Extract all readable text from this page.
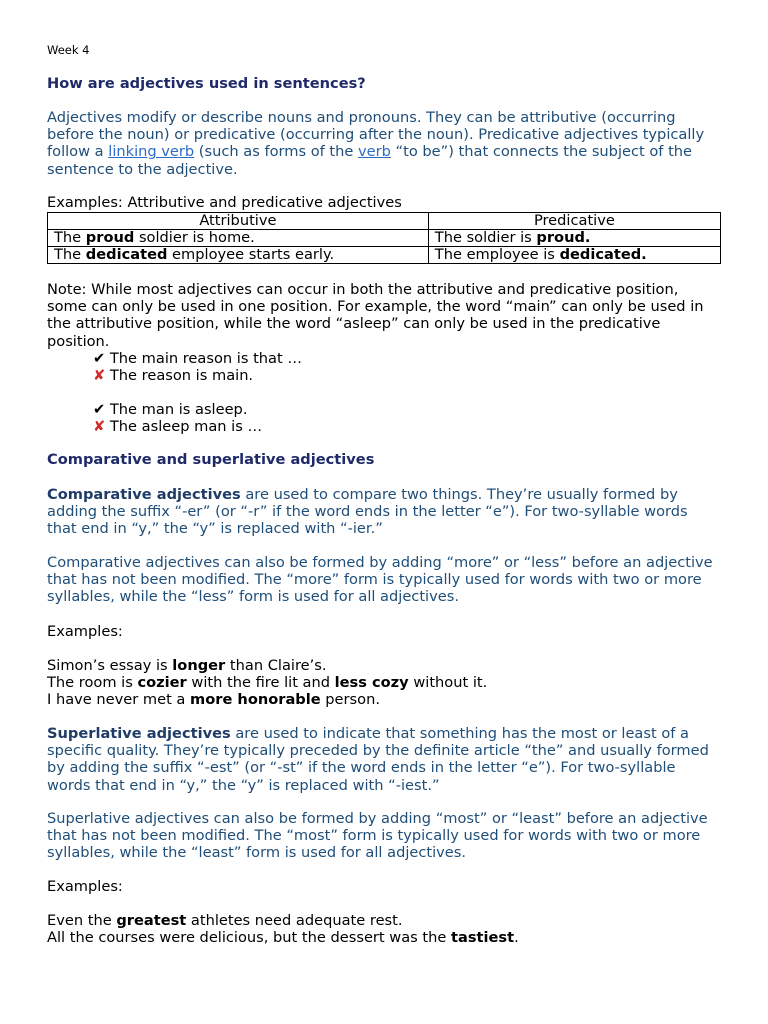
Week 4
How are adjectives used in sentences?

Adjectives modify or describe nouns and pronouns. They can be attributive (occurring before the noun) or predicative (occurring after the noun). Predicative adjectives typically follow a linking verb (such as forms of the verb “to be”) that connects the subject of the sentence to the adjective.

Examples: Attributive and predicative adjectives

Attributive	Predicative
The proud soldier is home.	The soldier is proud.
The dedicated employee starts early.	The employee is dedicated.

Note: While most adjectives can occur in both the attributive and predicative position, some can only be used in one position. For example, the word “main” can only be used in the attributive position, while the word “asleep” can only be used in the predicative position.

✔ The main reason is that …
✘ The reason is main.
✔ The man is asleep.
✘ The asleep man is …
Comparative and superlative adjectives

Comparative adjectives are used to compare two things. They’re usually formed by adding the suffix “-er” (or “-r” if the word ends in the letter “e”). For two-syllable words that end in “y,” the “y” is replaced with “-ier.”

Comparative adjectives can also be formed by adding “more” or “less” before an adjective that has not been modified. The “more” form is typically used for words with two or more syllables, while the “less” form is used for all adjectives.

Examples:

Simon’s essay is longer than Claire’s.

The room is cozier with the fire lit and less cozy without it.

I have never met a more honorable person.

Superlative adjectives are used to indicate that something has the most or least of a specific quality. They’re typically preceded by the definite article “the” and usually formed by adding the suffix “-est” (or “-st” if the word ends in the letter “e”). For two-syllable words that end in “y,” the “y” is replaced with “-iest.”

Superlative adjectives can also be formed by adding “most” or “least” before an adjective that has not been modified. The “most” form is typically used for words with two or more syllables, while the “least” form is used for all adjectives.

Examples:

Even the greatest athletes need adequate rest.

All the courses were delicious, but the dessert was the tastiest.
